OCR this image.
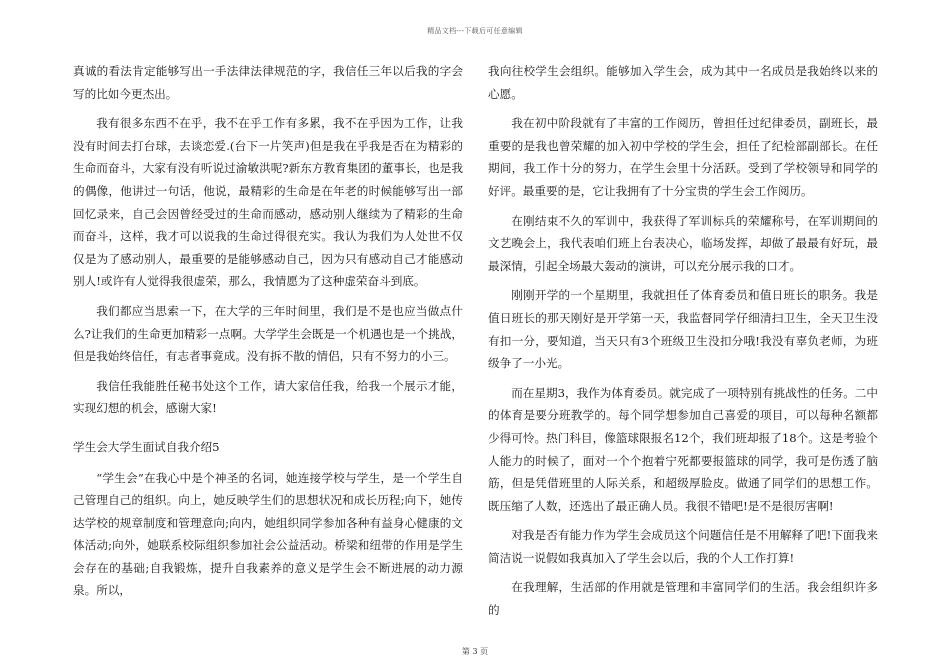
精品文档---下载后可任意编辑

真诚的看法肯定能够写出一手法律法律规范的字，我信任三年以后我的字会写的比如今更杰出。

我有很多东西不在乎，我不在乎工作有多累，我不在乎因为工作，让我没有时间去打台球，去谈恋爱.(台下一片笑声)但是我在乎我是否在为精彩的生命而奋斗，大家有没有听说过渝敏洪呢?新东方教育集团的董事长，也是我的偶像，他讲过一句话，他说，最精彩的生命是在年老的时候能够写出一部回忆录来，自己会因曾经受过的生命而感动，感动别人继续为了精彩的生命而奋斗，这样，我才可以说我的生命过得很充实。我认为我们为人处世不仅仅是为了感动别人，最重要的是能够感动自己，因为只有感动自己才能感动别人!或许有人觉得我很虚荣，那么，我情愿为了这种虚荣奋斗到底。

我们都应当思索一下，在大学的三年时间里，我们是不是也应当做点什么?让我们的生命更加精彩一点啊。大学学生会既是一个机遇也是一个挑战，但是我始终信任，有志者事竟成。没有拆不散的情侣，只有不努力的小三。

我信任我能胜任秘书处这个工作，请大家信任我，给我一个展示才能，实现幻想的机会，感谢大家!

学生会大学生面试自我介绍5

“学生会”在我心中是个神圣的名词，她连接学校与学生，是一个学生自己管理自己的组织。向上，她反映学生们的思想状况和成长历程;向下，她传达学校的规章制度和管理意向;向内，她组织同学参加各种有益身心健康的文体活动;向外，她联系校际组织参加社会公益活动。桥梁和纽带的作用是学生会存在的基础;自我锻炼，提升自我素养的意义是学生会不断进展的动力源泉。所以，

我向往校学生会组织。能够加入学生会，成为其中一名成员是我始终以来的心愿。

我在初中阶段就有了丰富的工作阅历，曾担任过纪律委员，副班长，最重要的是我也曾荣耀的加入初中学校的学生会，担任了纪检部副部长。在任期间，我工作十分的努力，在学生会里十分活跃。受到了学校领导和同学的好评。最重要的是，它让我拥有了十分宝贵的学生会工作阅历。

在刚结束不久的军训中，我获得了军训标兵的荣耀称号，在军训期间的文艺晚会上，我代表咱们班上台表决心，临场发挥，却做了最最有好玩，最最深情，引起全场最大轰动的演讲，可以充分展示我的口才。

刚刚开学的一个星期里，我就担任了体育委员和值日班长的职务。我是值日班长的那天刚好是开学第一天，我监督同学仔细清扫卫生，全天卫生没有扣一分，要知道，当天只有3个班级卫生没扣分哦!我没有辜负老师，为班级争了一小光。

而在星期3，我作为体育委员。就完成了一项特别有挑战性的任务。二中的体育是要分班教学的。每个同学想参加自己喜爱的项目，可以每种名额都少得可怜。热门科目，像篮球限报名12个，我们班却报了18个。这是考验个人能力的时候了，面对一个个抱着宁死都要报篮球的同学，我可是伤透了脑筋，但是凭借班里的人际关系，和超级厚脸皮。做通了同学们的思想工作。既压缩了人数，还选出了最正确人员。我很不错吧!是不是很厉害啊!

对我是否有能力作为学生会成员这个问题信任是不用解释了吧!下面我来简洁说一说假如我真加入了学生会以后，我的个人工作打算!

在我理解，生活部的作用就是管理和丰富同学们的生活。我会组织许多的

第 3 页
